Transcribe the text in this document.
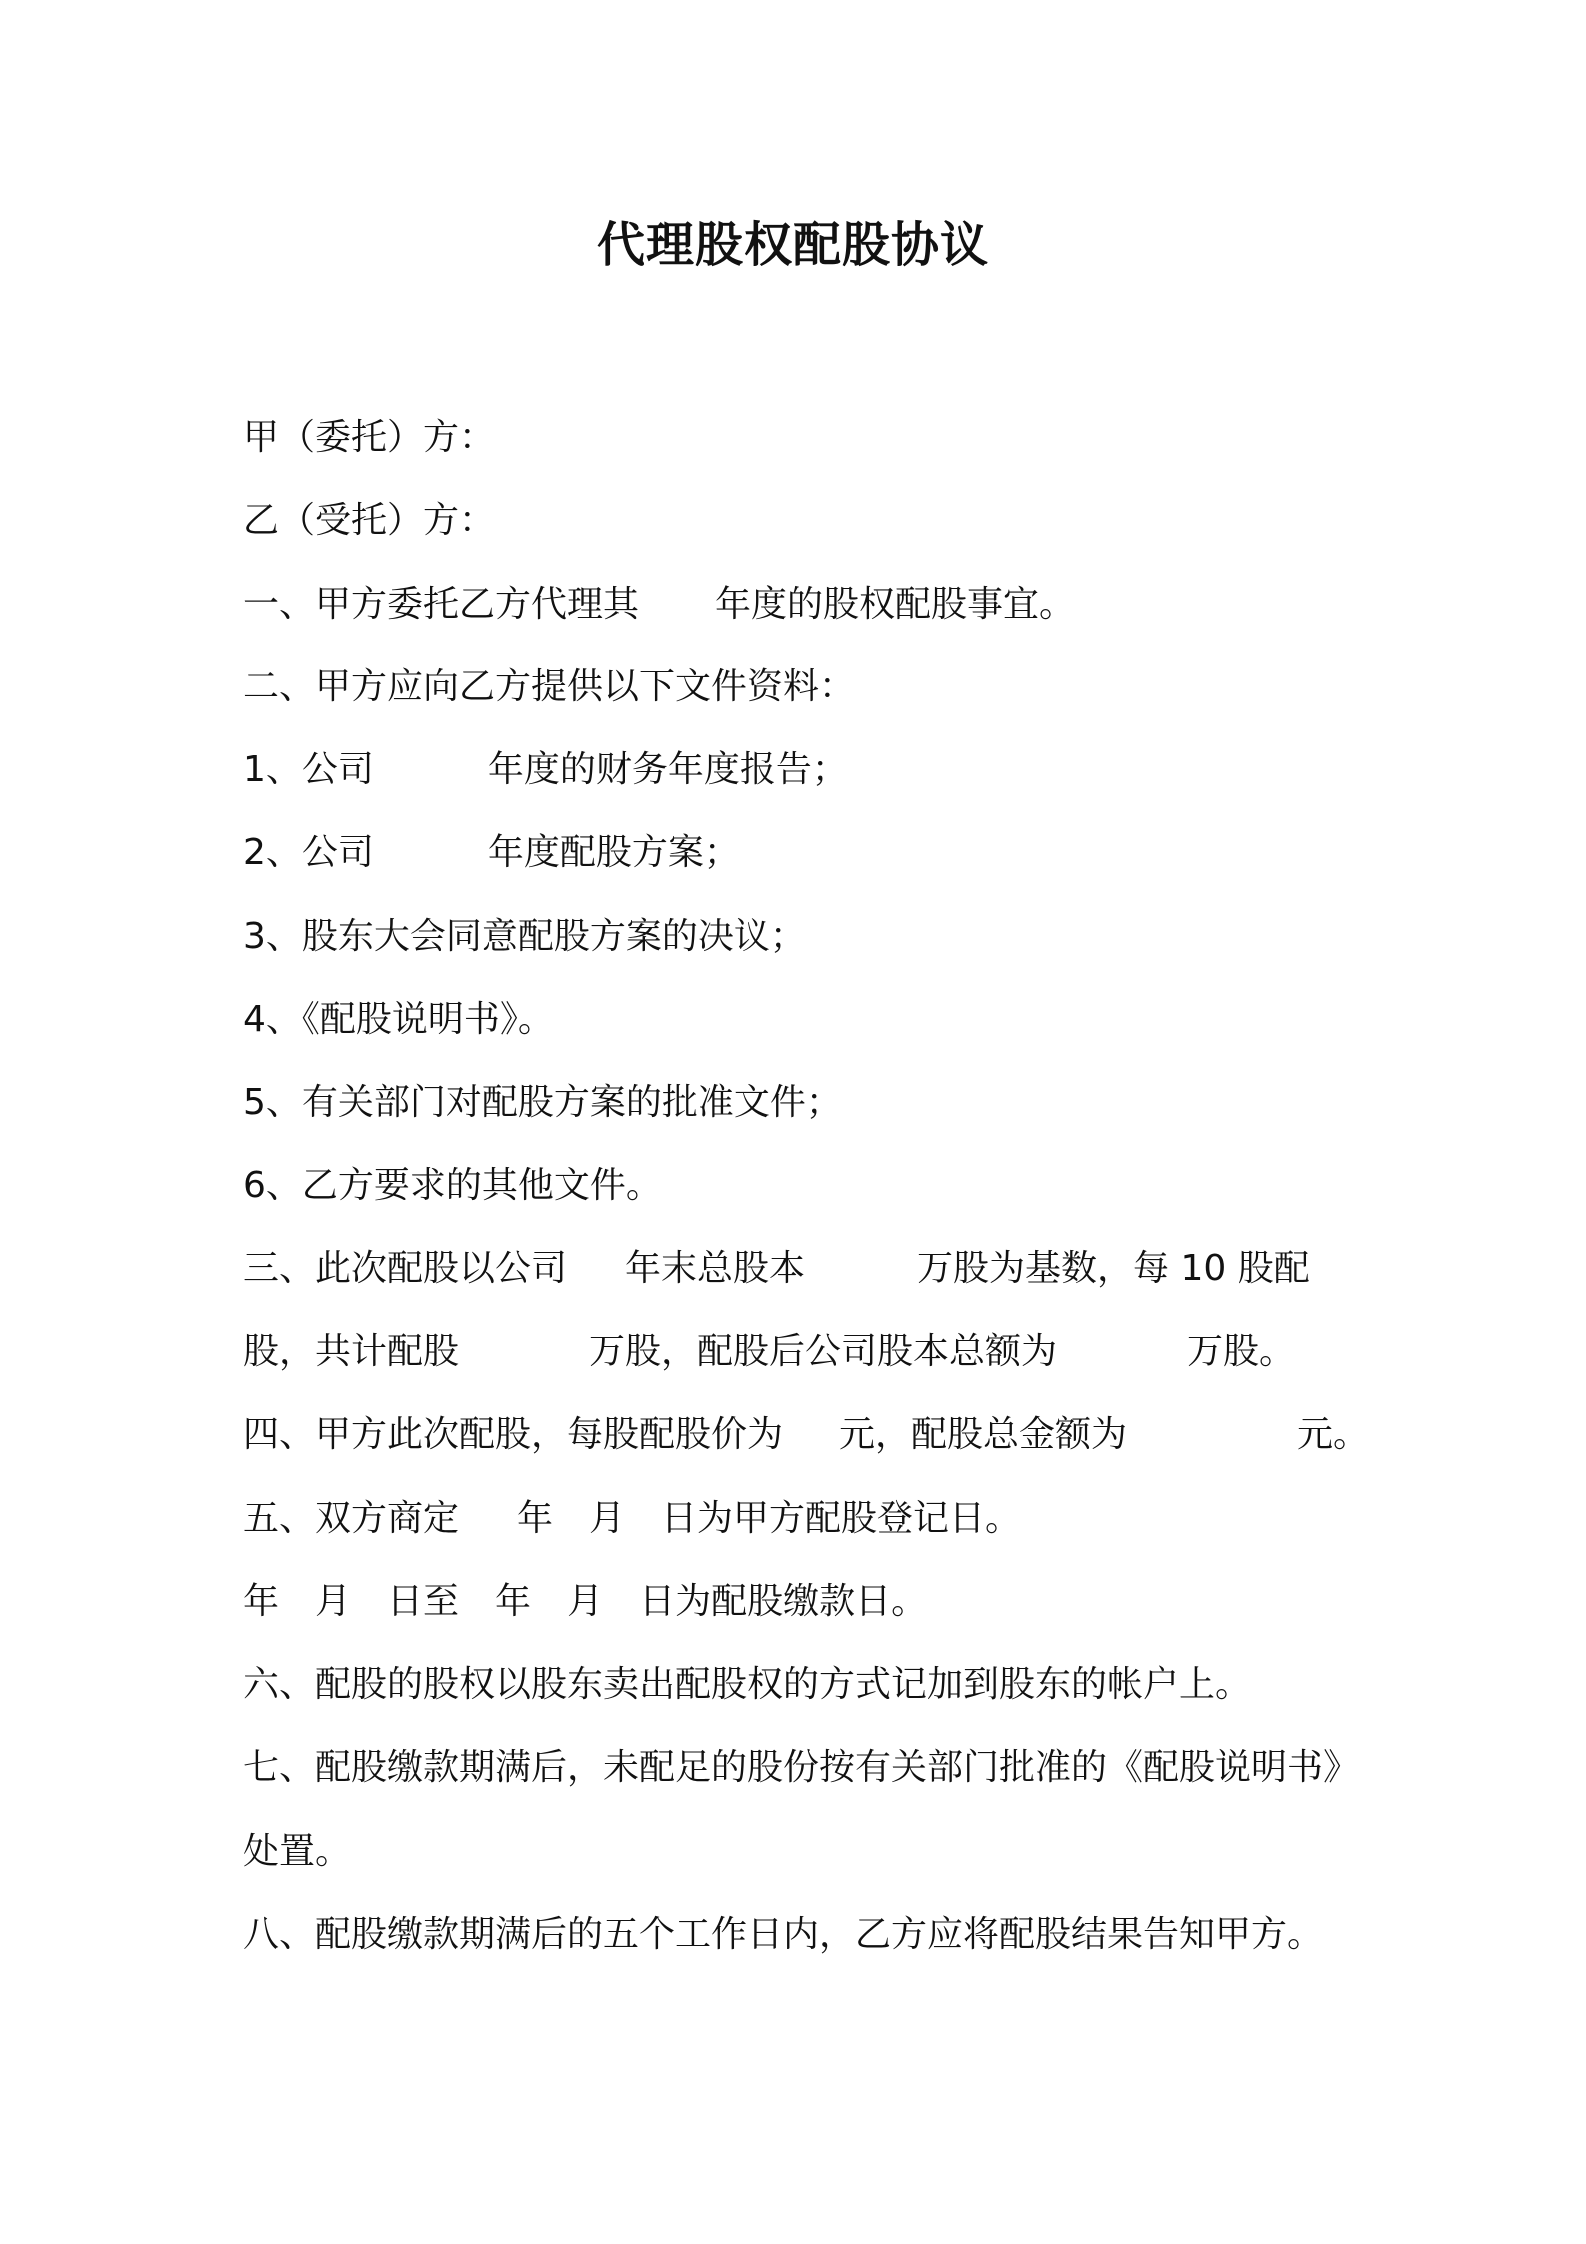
代理股权配股协议
甲（委托）方：
乙（受托）方：
一、甲方委托乙方代理其 年度的股权配股事宜。
二、甲方应向乙方提供以下文件资料：
1、公司	年度的财务年度报告；
2、公司	年度配股方案；
3、股东大会同意配股方案的决议；
4、《配股说明书》。
5、有关部门对配股方案的批准文件；
6、乙方要求的其他文件。
三、此次配股以公司 年末总股本	万股为基数，每 10 股配
股，共计配股	万股，配股后公司股本总额为	万股。
四、甲方此次配股，每股配股价为 元，配股总金额为	元。
五、双方商定 年 月 日为甲方配股登记日。
年 月 日至 年 月 日为配股缴款日。
六、配股的股权以股东卖出配股权的方式记加到股东的帐户上。
七、配股缴款期满后，未配足的股份按有关部门批准的《配股说明书》
处置。
八、配股缴款期满后的五个工作日内，乙方应将配股结果告知甲方。
